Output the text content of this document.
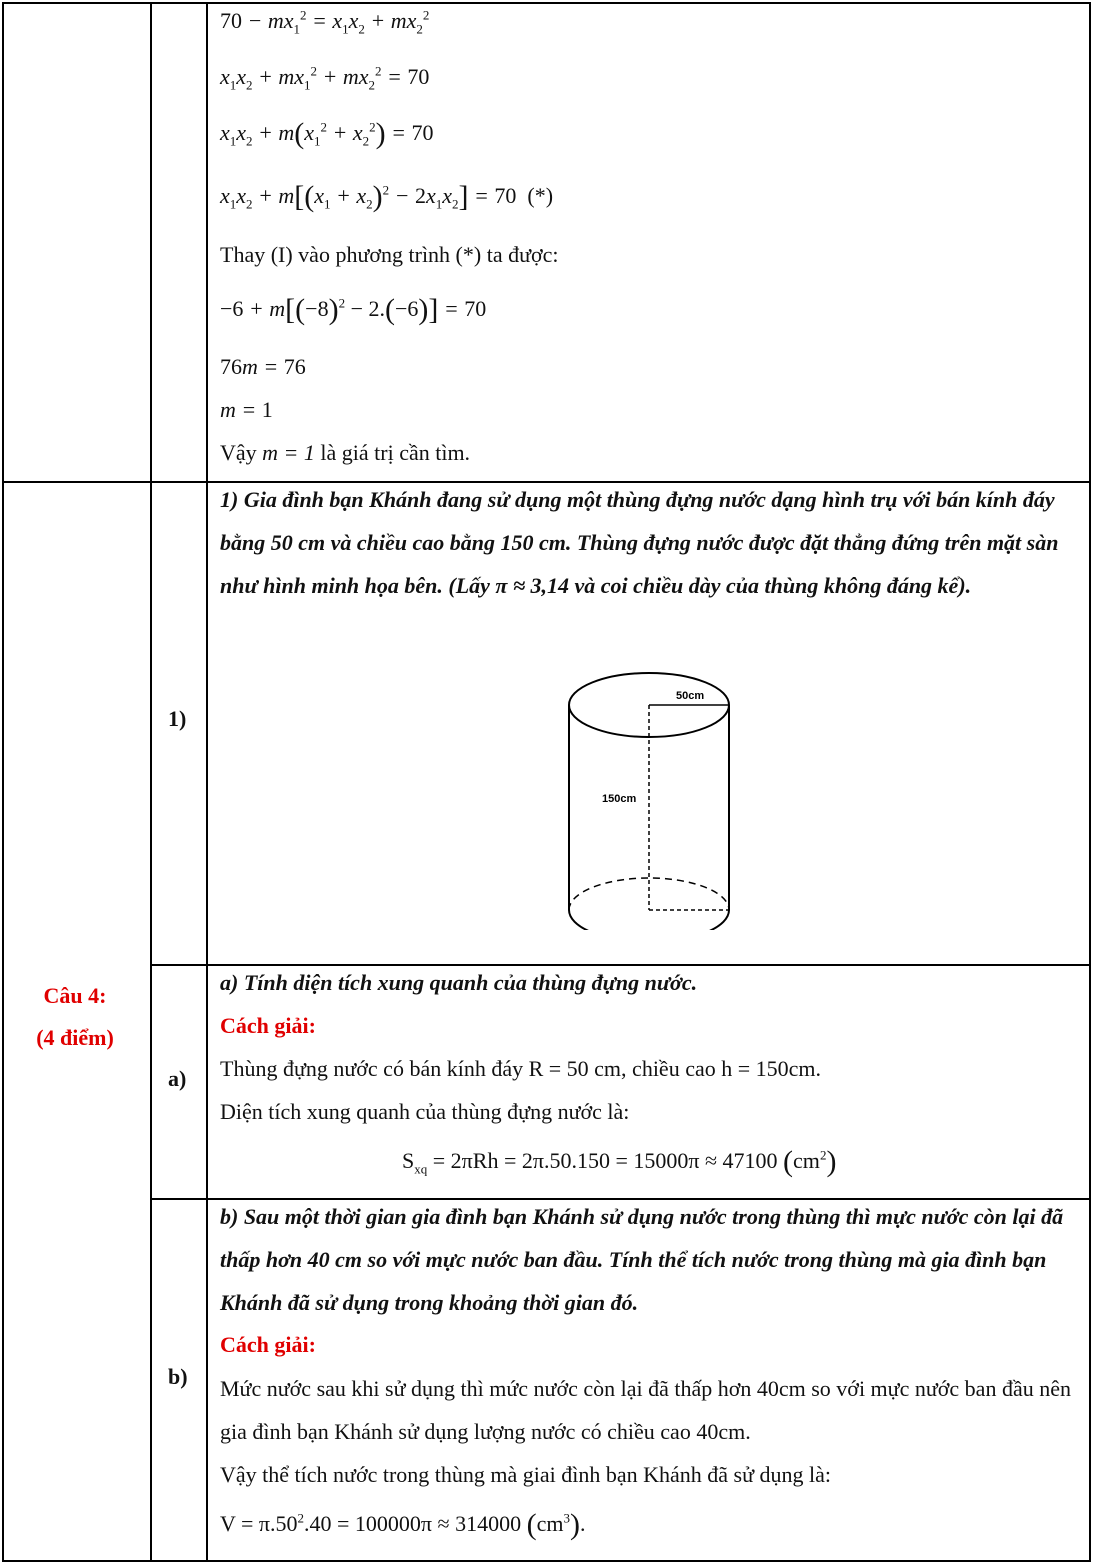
$70 - mx_1^2 = x_1x_2 + mx_2^2$
$x_1x_2 + mx_1^2 + mx_2^2 = 70$
$x_1x_2 + m(x_1^2 + x_2^2) = 70$
$x_1x_2 + m[(x_1 + x_2)^2 - 2x_1x_2] = 70$  (*)
Thay (I) vào phương trình (*) ta được:
$-6 + m[(-8)^2 - 2.(-6)] = 70$
76m = 76
m = 1
Vậy m = 1 là giá trị cần tìm.
Câu 4:
(4 điểm)
1)
a)
b)
1) Gia đình bạn Khánh đang sử dụng một thùng đựng nước dạng hình trụ với bán kính đáy bằng 50 cm và chiều cao bằng 150 cm. Thùng đựng nước được đặt thẳng đứng trên mặt sàn như hình minh họa bên. (Lấy π ≈ 3,14 và coi chiều dày của thùng không đáng kể).
50cm
150cm
a) Tính diện tích xung quanh của thùng đựng nước.
Cách giải:
Thùng đựng nước có bán kính đáy R = 50 cm, chiều cao h = 150cm.
Diện tích xung quanh của thùng đựng nước là:
$S_{xq} = 2\pi Rh = 2\pi.50.150 = 15000\pi \approx 47100$ $(cm^2)$
b) Sau một thời gian gia đình bạn Khánh sử dụng nước trong thùng thì mực nước còn lại đã thấp hơn 40 cm so với mực nước ban đầu. Tính thể tích nước trong thùng mà gia đình bạn Khánh đã sử dụng trong khoảng thời gian đó.
Cách giải:
Mức nước sau khi sử dụng thì mức nước còn lại đã thấp hơn 40cm so với mực nước ban đầu nên gia đình bạn Khánh sử dụng lượng nước có chiều cao 40cm.
Vậy thể tích nước trong thùng mà giai đình bạn Khánh đã sử dụng là:
$V = \pi.50^2.40 = 100000\pi \approx 314000$ $(cm^3)$.
